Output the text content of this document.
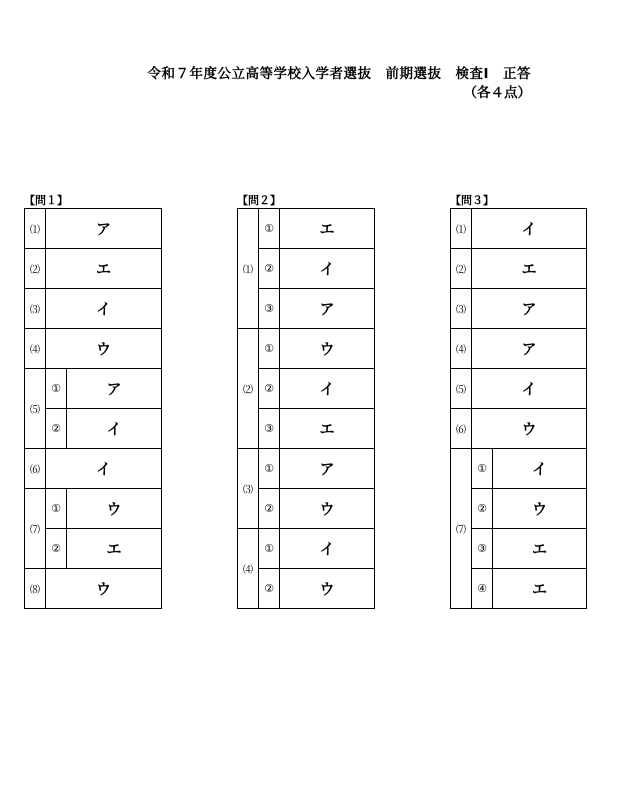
令和７年度公立高等学校入学者選抜　前期選抜　検査Ⅰ　正答
（各４点）
【問１】
⑴	ア	
⑵	エ	
⑶	イ	
⑷	ウ	
⑸	①	ア
	②	イ
⑹	イ	
⑺	①	ウ
	②	エ
⑻	ウ	
【問２】
⑴	①	エ
	②	イ
	③	ア
⑵	①	ウ
	②	イ
	③	エ
⑶	①	ア
	②	ウ
⑷	①	イ
	②	ウ
【問３】
⑴	イ	
⑵	エ	
⑶	ア	
⑷	ア	
⑸	イ	
⑹	ウ	
⑺	①	イ
	②	ウ
	③	エ
	④	エ
